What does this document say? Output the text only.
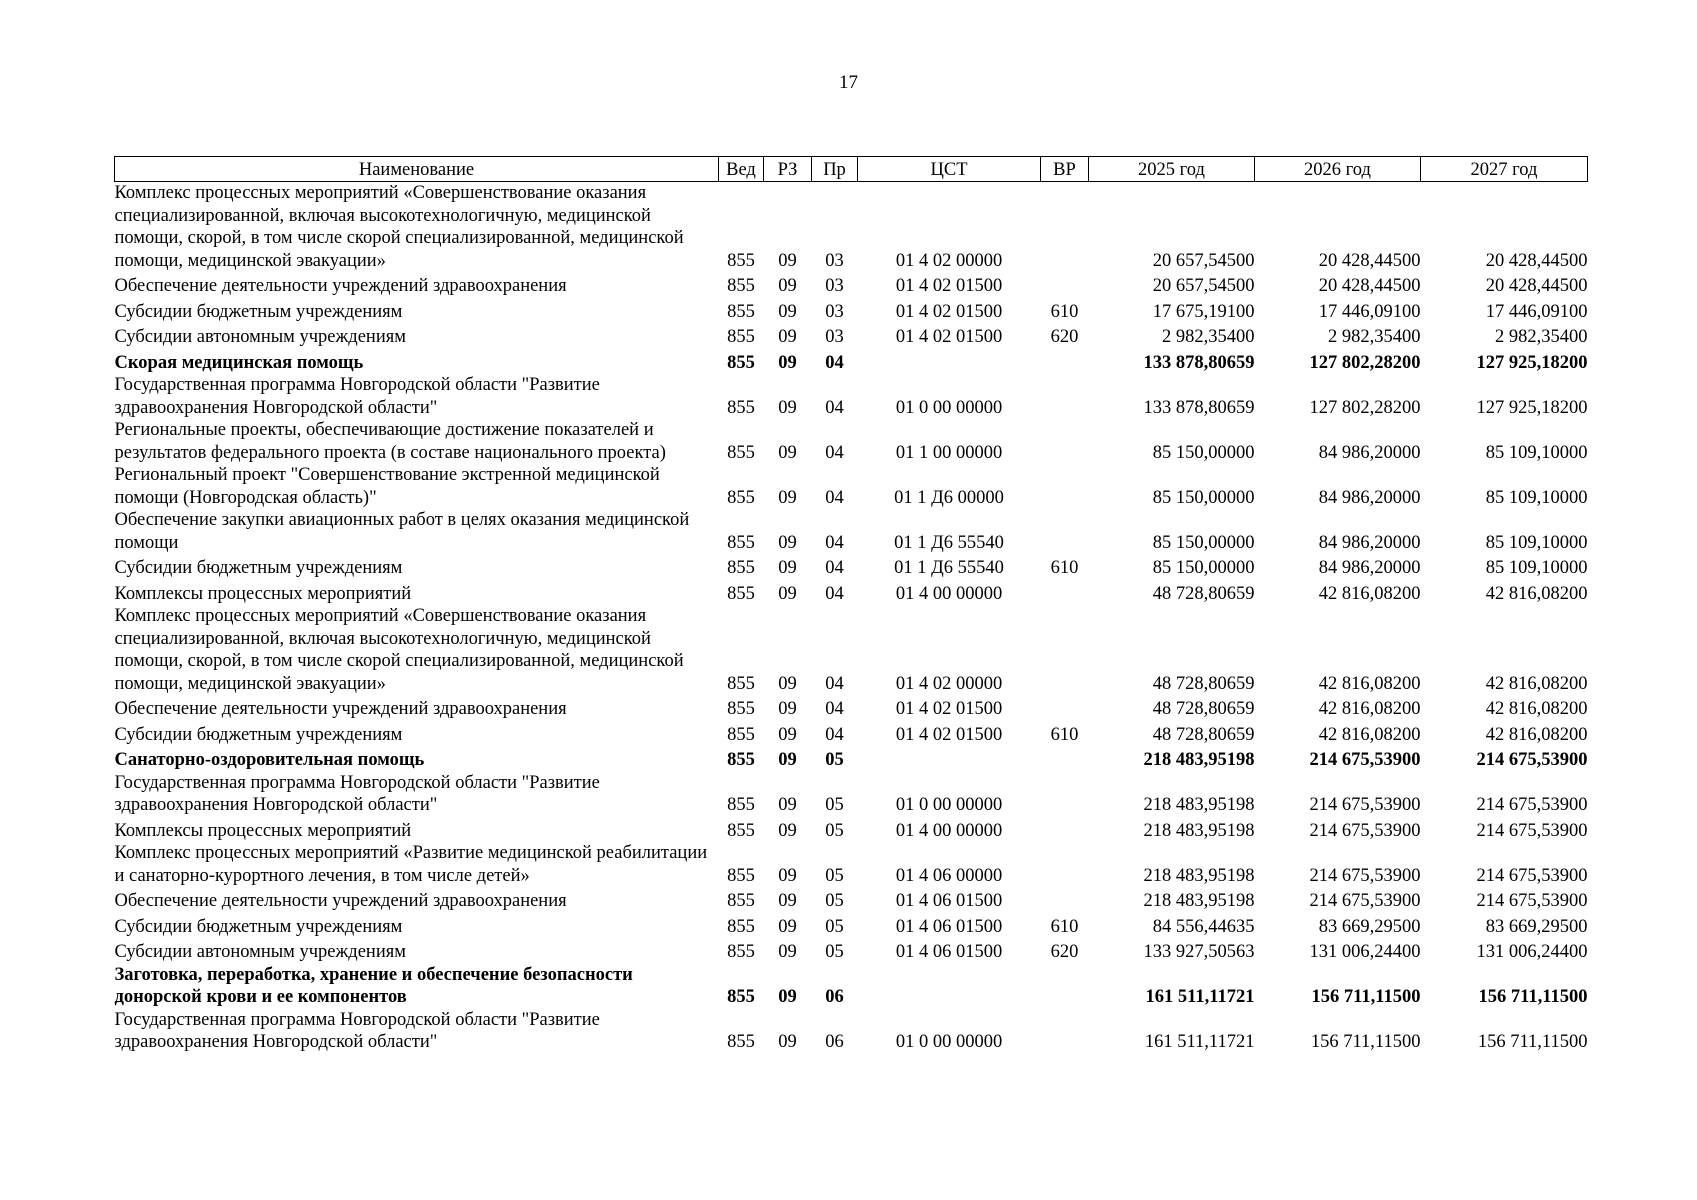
17
Наименование	Вед	РЗ	Пр	ЦСТ	ВР	2025 год	2026 год	2027 год
Комплекс процессных мероприятий «Совершенствование оказания специализированной, включая высокотехнологичную, медицинской помощи, скорой, в том числе скорой специализированной, медицинской помощи, медицинской эвакуации»	855	09	03	01 4 02 00000		20 657,54500	20 428,44500	20 428,44500
Обеспечение деятельности учреждений здравоохранения	855	09	03	01 4 02 01500		20 657,54500	20 428,44500	20 428,44500
Субсидии бюджетным учреждениям	855	09	03	01 4 02 01500	610	17 675,19100	17 446,09100	17 446,09100
Субсидии автономным учреждениям	855	09	03	01 4 02 01500	620	2 982,35400	2 982,35400	2 982,35400
Скорая медицинская помощь	855	09	04			133 878,80659	127 802,28200	127 925,18200
Государственная программа Новгородской области "Развитие здравоохранения Новгородской области"	855	09	04	01 0 00 00000		133 878,80659	127 802,28200	127 925,18200
Региональные проекты, обеспечивающие достижение показателей и результатов федерального проекта (в составе национального проекта)	855	09	04	01 1 00 00000		85 150,00000	84 986,20000	85 109,10000
Региональный проект "Совершенствование экстренной медицинской помощи (Новгородская область)"	855	09	04	01 1 Д6 00000		85 150,00000	84 986,20000	85 109,10000
Обеспечение закупки авиационных работ в целях оказания медицинской помощи	855	09	04	01 1 Д6 55540		85 150,00000	84 986,20000	85 109,10000
Субсидии бюджетным учреждениям	855	09	04	01 1 Д6 55540	610	85 150,00000	84 986,20000	85 109,10000
Комплексы процессных мероприятий	855	09	04	01 4 00 00000		48 728,80659	42 816,08200	42 816,08200
Комплекс процессных мероприятий «Совершенствование оказания специализированной, включая высокотехнологичную, медицинской помощи, скорой, в том числе скорой специализированной, медицинской помощи, медицинской эвакуации»	855	09	04	01 4 02 00000		48 728,80659	42 816,08200	42 816,08200
Обеспечение деятельности учреждений здравоохранения	855	09	04	01 4 02 01500		48 728,80659	42 816,08200	42 816,08200
Субсидии бюджетным учреждениям	855	09	04	01 4 02 01500	610	48 728,80659	42 816,08200	42 816,08200
Санаторно-оздоровительная помощь	855	09	05			218 483,95198	214 675,53900	214 675,53900
Государственная программа Новгородской области "Развитие здравоохранения Новгородской области"	855	09	05	01 0 00 00000		218 483,95198	214 675,53900	214 675,53900
Комплексы процессных мероприятий	855	09	05	01 4 00 00000		218 483,95198	214 675,53900	214 675,53900
Комплекс процессных мероприятий «Развитие медицинской реабилитации и санаторно-курортного лечения, в том числе детей»	855	09	05	01 4 06 00000		218 483,95198	214 675,53900	214 675,53900
Обеспечение деятельности учреждений здравоохранения	855	09	05	01 4 06 01500		218 483,95198	214 675,53900	214 675,53900
Субсидии бюджетным учреждениям	855	09	05	01 4 06 01500	610	84 556,44635	83 669,29500	83 669,29500
Субсидии автономным учреждениям	855	09	05	01 4 06 01500	620	133 927,50563	131 006,24400	131 006,24400
Заготовка, переработка, хранение и обеспечение безопасности донорской крови и ее компонентов	855	09	06			161 511,11721	156 711,11500	156 711,11500
Государственная программа Новгородской области "Развитие здравоохранения Новгородской области"	855	09	06	01 0 00 00000		161 511,11721	156 711,11500	156 711,11500
